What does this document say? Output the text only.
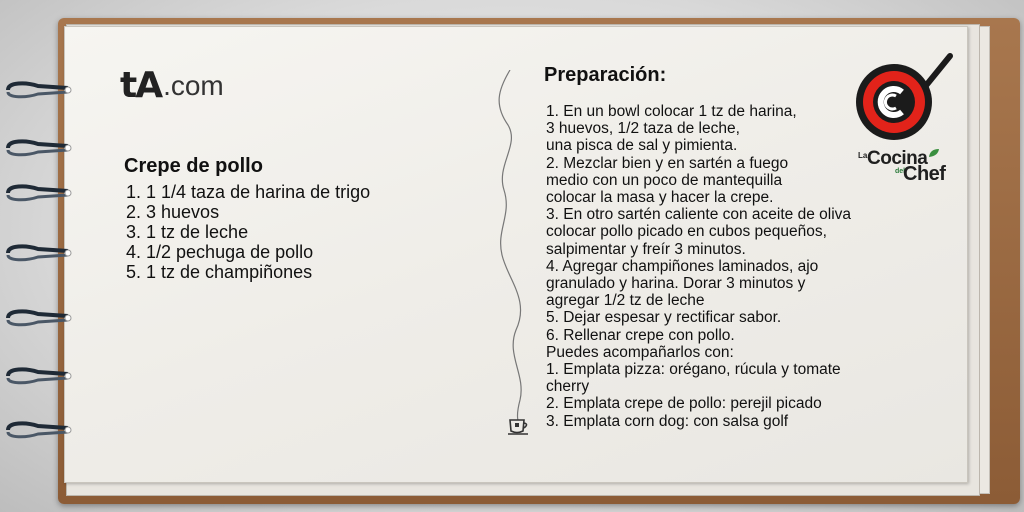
tA .com
Crepe de pollo
1. 1 1/4 taza de harina de trigo
2. 3 huevos
3. 1 tz de leche
4. 1/2 pechuga de pollo
5. 1 tz de champiñones
Preparación:
1. En un bowl colocar 1 tz de harina,
3 huevos, 1/2 taza de leche,
una pisca de sal y pimienta.
2. Mezclar bien y en sartén a fuego
medio con un poco de mantequilla
colocar la masa y hacer la crepe.
3. En otro sartén caliente con aceite de oliva
colocar pollo picado en cubos pequeños,
salpimentar y freír 3 minutos.
4. Agregar champiñones laminados, ajo
granulado y harina. Dorar 3 minutos y
agregar 1/2 tz de leche
5. Dejar espesar y rectificar sabor.
6. Rellenar crepe con pollo.
Puedes acompañarlos con:
1. Emplata pizza: orégano, rúcula y tomate
cherry
2. Emplata crepe de pollo: perejil picado
3. Emplata corn dog: con salsa golf
La Cocina
del
Chef
